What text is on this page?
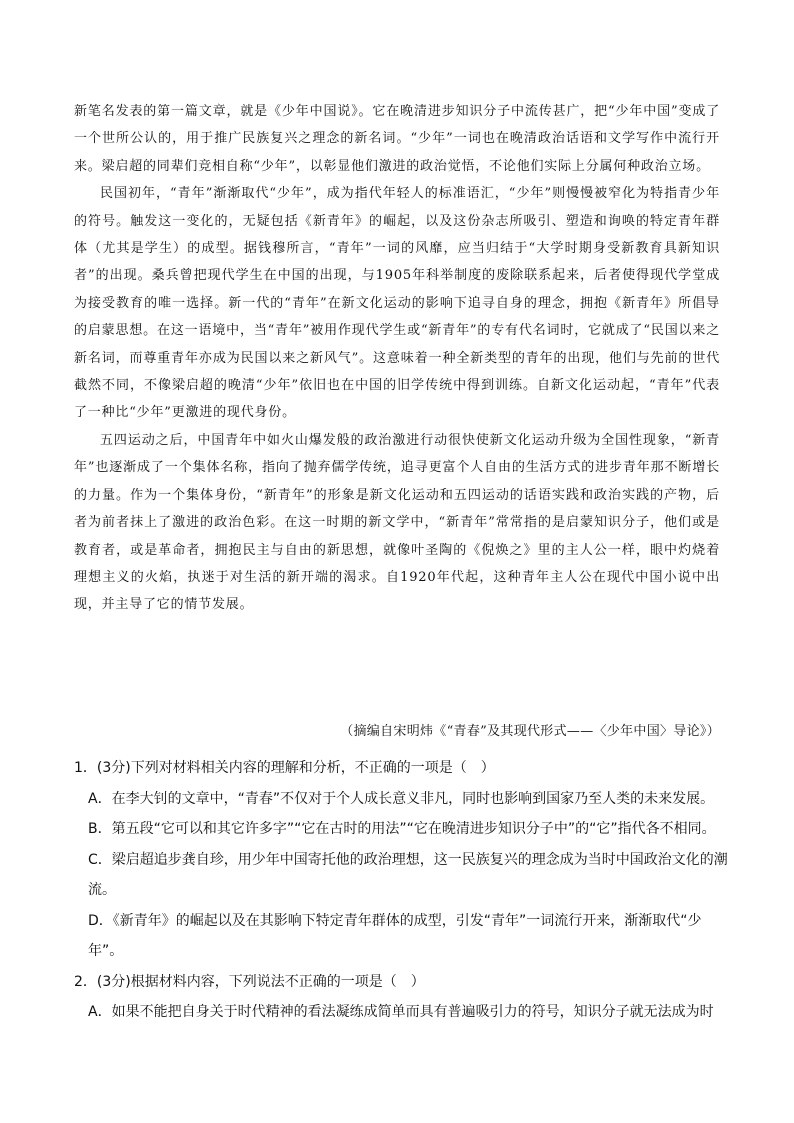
新笔名发表的第一篇文章，就是《少年中国说》。它在晚清进步知识分子中流传甚广，把“少年中国”变成了一个世所公认的，用于推广民族复兴之理念的新名词。“少年”一词也在晚清政治话语和文学写作中流行开来。梁启超的同辈们竞相自称“少年”，以彰显他们激进的政治觉悟，不论他们实际上分属何种政治立场。

民国初年，“青年”渐渐取代“少年”，成为指代年轻人的标准语汇，“少年”则慢慢被窄化为特指青少年的符号。触发这一变化的，无疑包括《新青年》的崛起，以及这份杂志所吸引、塑造和询唤的特定青年群体（尤其是学生）的成型。据钱穆所言，“青年”一词的风靡，应当归结于“大学时期身受新教育具新知识者”的出现。桑兵曾把现代学生在中国的出现，与1905年科举制度的废除联系起来，后者使得现代学堂成为接受教育的唯一选择。新一代的“青年”在新文化运动的影响下追寻自身的理念，拥抱《新青年》所倡导的启蒙思想。在这一语境中，当“青年”被用作现代学生或“新青年”的专有代名词时，它就成了“民国以来之新名词，而尊重青年亦成为民国以来之新风气”。这意味着一种全新类型的青年的出现，他们与先前的世代截然不同，不像梁启超的晚清“少年”依旧也在中国的旧学传统中得到训练。自新文化运动起，“青年”代表了一种比“少年”更激进的现代身份。

五四运动之后，中国青年中如火山爆发般的政治激进行动很快使新文化运动升级为全国性现象，“新青年”也逐渐成了一个集体名称，指向了抛弃儒学传统，追寻更富个人自由的生活方式的进步青年那不断增长的力量。作为一个集体身份，“新青年”的形象是新文化运动和五四运动的话语实践和政治实践的产物，后者为前者抹上了激进的政治色彩。在这一时期的新文学中，“新青年”常常指的是启蒙知识分子，他们或是教育者，或是革命者，拥抱民主与自由的新思想，就像叶圣陶的《倪焕之》里的主人公一样，眼中灼烧着理想主义的火焰，执迷于对生活的新开端的渴求。自1920年代起，这种青年主人公在现代中国小说中出现，并主导了它的情节发展。

（摘编自宋明炜《“青春”及其现代形式——〈少年中国〉导论》）

1．(3分)下列对材料相关内容的理解和分析，不正确的一项是（　）

A．在李大钊的文章中，“青春”不仅对于个人成长意义非凡，同时也影响到国家乃至人类的未来发展。

B．第五段“它可以和其它许多字”“它在古时的用法”“它在晚清进步知识分子中”的“它”指代各不相同。

C．梁启超追步龚自珍，用少年中国寄托他的政治理想，这一民族复兴的理念成为当时中国政治文化的潮流。

D．《新青年》的崛起以及在其影响下特定青年群体的成型，引发“青年”一词流行开来，渐渐取代“少年”。

2．(3分)根据材料内容，下列说法不正确的一项是（　）

A．如果不能把自身关于时代精神的看法凝练成简单而具有普遍吸引力的符号，知识分子就无法成为时
